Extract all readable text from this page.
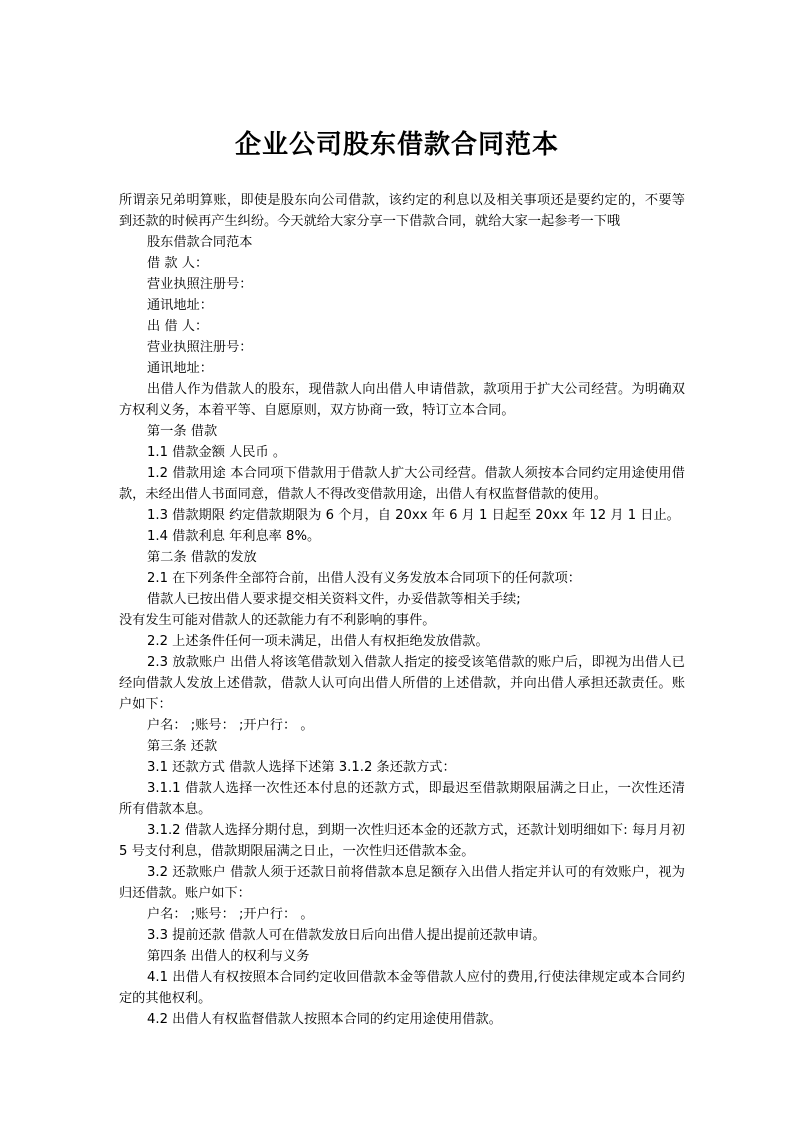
企业公司股东借款合同范本

所谓亲兄弟明算账，即使是股东向公司借款，该约定的利息以及相关事项还是要约定的，不要等到还款的时候再产生纠纷。今天就给大家分享一下借款合同，就给大家一起参考一下哦

股东借款合同范本

借 款 人：

营业执照注册号：

通讯地址：

出 借 人：

营业执照注册号：

通讯地址：

出借人作为借款人的股东，现借款人向出借人申请借款，款项用于扩大公司经营。为明确双方权利义务，本着平等、自愿原则，双方协商一致，特订立本合同。

第一条 借款

1.1 借款金额 人民币 。

1.2 借款用途 本合同项下借款用于借款人扩大公司经营。借款人须按本合同约定用途使用借款，未经出借人书面同意，借款人不得改变借款用途，出借人有权监督借款的使用。

1.3 借款期限 约定借款期限为 6 个月，自 20xx 年 6 月 1 日起至 20xx 年 12 月 1 日止。

1.4 借款利息 年利息率 8%。

第二条 借款的发放

2.1 在下列条件全部符合前，出借人没有义务发放本合同项下的任何款项：

借款人已按出借人要求提交相关资料文件，办妥借款等相关手续;

没有发生可能对借款人的还款能力有不利影响的事件。

2.2 上述条件任何一项未满足，出借人有权拒绝发放借款。

2.3 放款账户 出借人将该笔借款划入借款人指定的接受该笔借款的账户后，即视为出借人已经向借款人发放上述借款，借款人认可向出借人所借的上述借款，并向出借人承担还款责任。账户如下：

户名： ;账号： ;开户行： 。

第三条 还款

3.1 还款方式 借款人选择下述第 3.1.2 条还款方式：

3.1.1 借款人选择一次性还本付息的还款方式，即最迟至借款期限届满之日止，一次性还清所有借款本息。

3.1.2 借款人选择分期付息，到期一次性归还本金的还款方式，还款计划明细如下: 每月月初 5 号支付利息，借款期限届满之日止，一次性归还借款本金。

3.2 还款账户 借款人须于还款日前将借款本息足额存入出借人指定并认可的有效账户，视为归还借款。账户如下：

户名： ;账号： ;开户行： 。

3.3 提前还款 借款人可在借款发放日后向出借人提出提前还款申请。

第四条 出借人的权利与义务

4.1 出借人有权按照本合同约定收回借款本金等借款人应付的费用,行使法律规定或本合同约定的其他权利。

4.2 出借人有权监督借款人按照本合同的约定用途使用借款。
